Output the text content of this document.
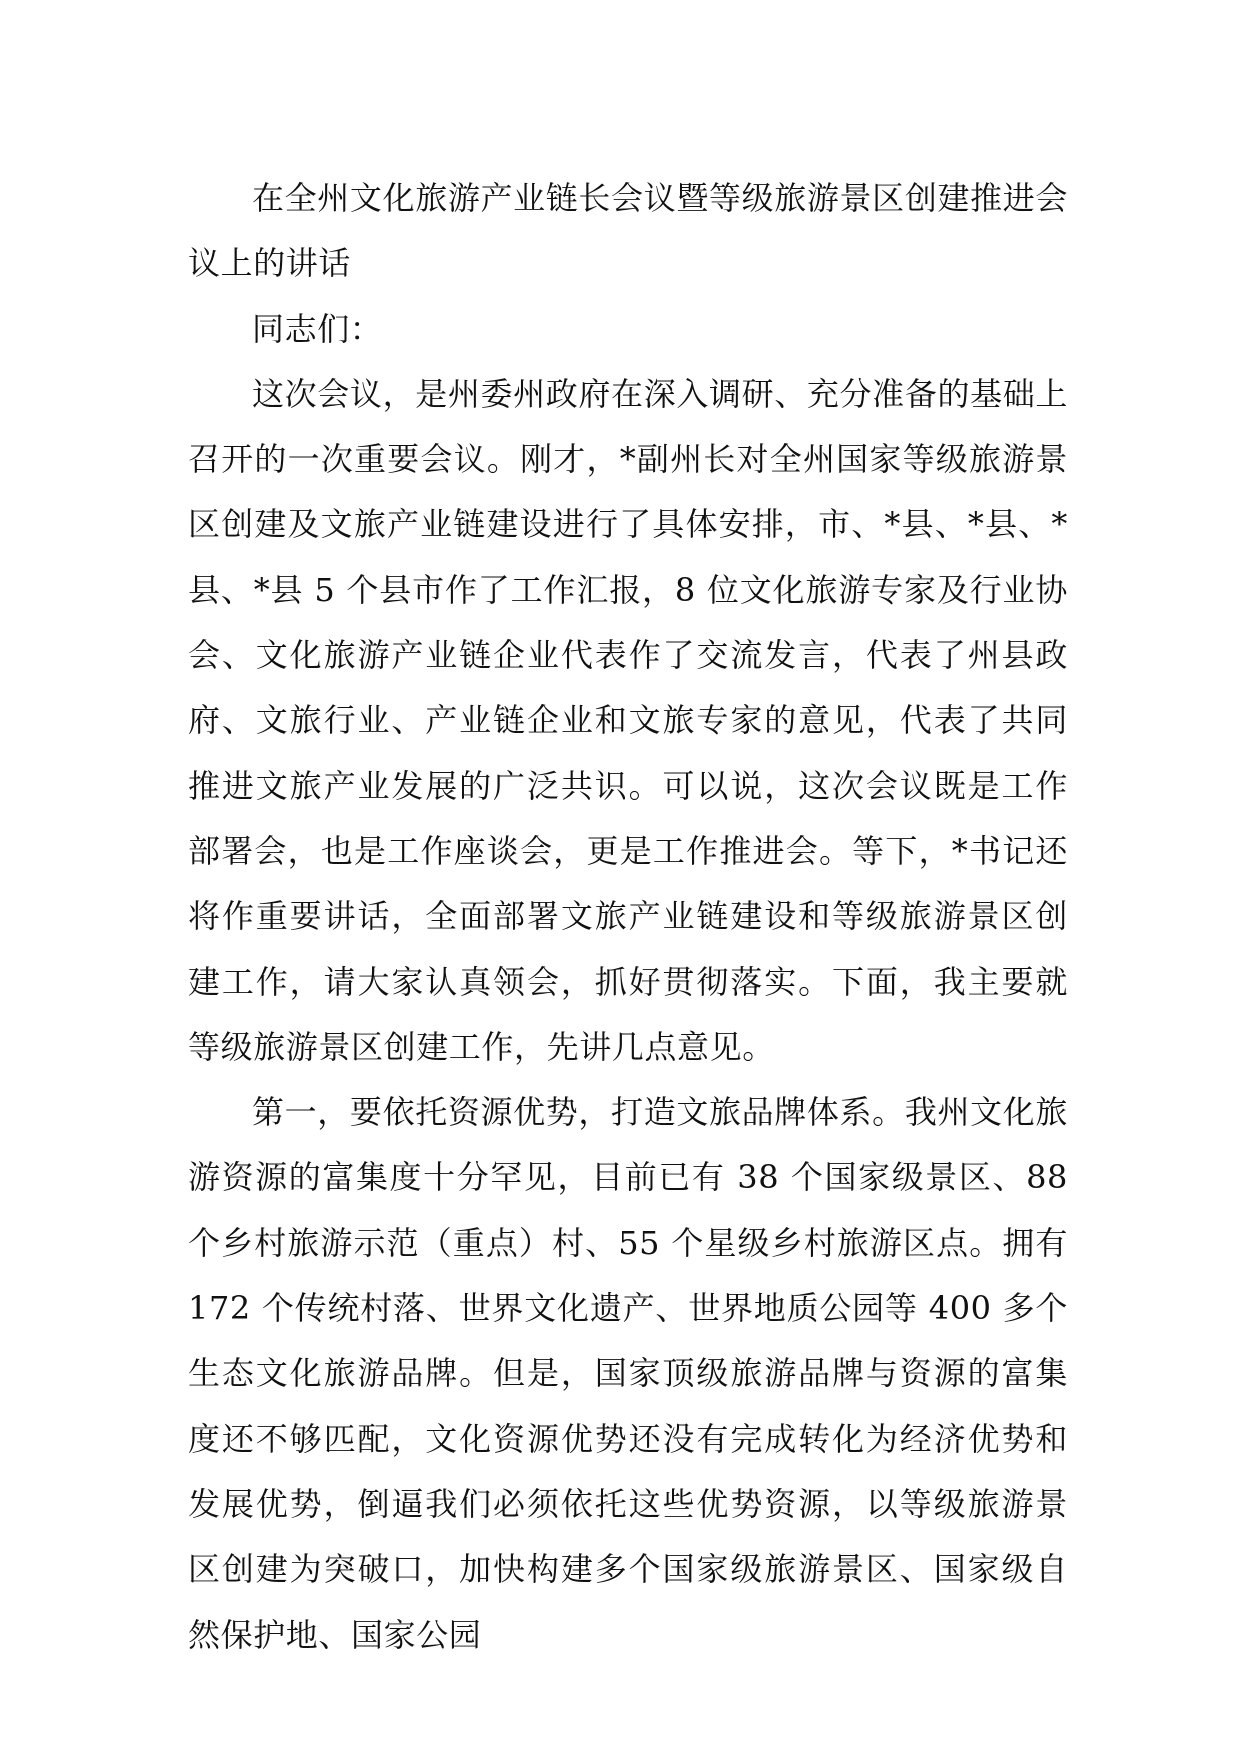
在全州文化旅游产业链长会议暨等级旅游景区创建推进会议上的讲话

同志们：

这次会议，是州委州政府在深入调研、充分准备的基础上召开的一次重要会议。刚才，*副州长对全州国家等级旅游景区创建及文旅产业链建设进行了具体安排，市、*县、*县、*县、*县 5 个县市作了工作汇报，8 位文化旅游专家及行业协会、文化旅游产业链企业代表作了交流发言，代表了州县政府、文旅行业、产业链企业和文旅专家的意见，代表了共同推进文旅产业发展的广泛共识。可以说，这次会议既是工作部署会，也是工作座谈会，更是工作推进会。等下，*书记还将作重要讲话，全面部署文旅产业链建设和等级旅游景区创建工作，请大家认真领会，抓好贯彻落实。下面，我主要就等级旅游景区创建工作，先讲几点意见。

第一，要依托资源优势，打造文旅品牌体系。我州文化旅游资源的富集度十分罕见，目前已有 38 个国家级景区、88 个乡村旅游示范（重点）村、55 个星级乡村旅游区点。拥有 172 个传统村落、世界文化遗产、世界地质公园等 400 多个生态文化旅游品牌。但是，国家顶级旅游品牌与资源的富集度还不够匹配，文化资源优势还没有完成转化为经济优势和发展优势，倒逼我们必须依托这些优势资源，以等级旅游景区创建为突破口，加快构建多个国家级旅游景区、国家级自然保护地、国家公园
